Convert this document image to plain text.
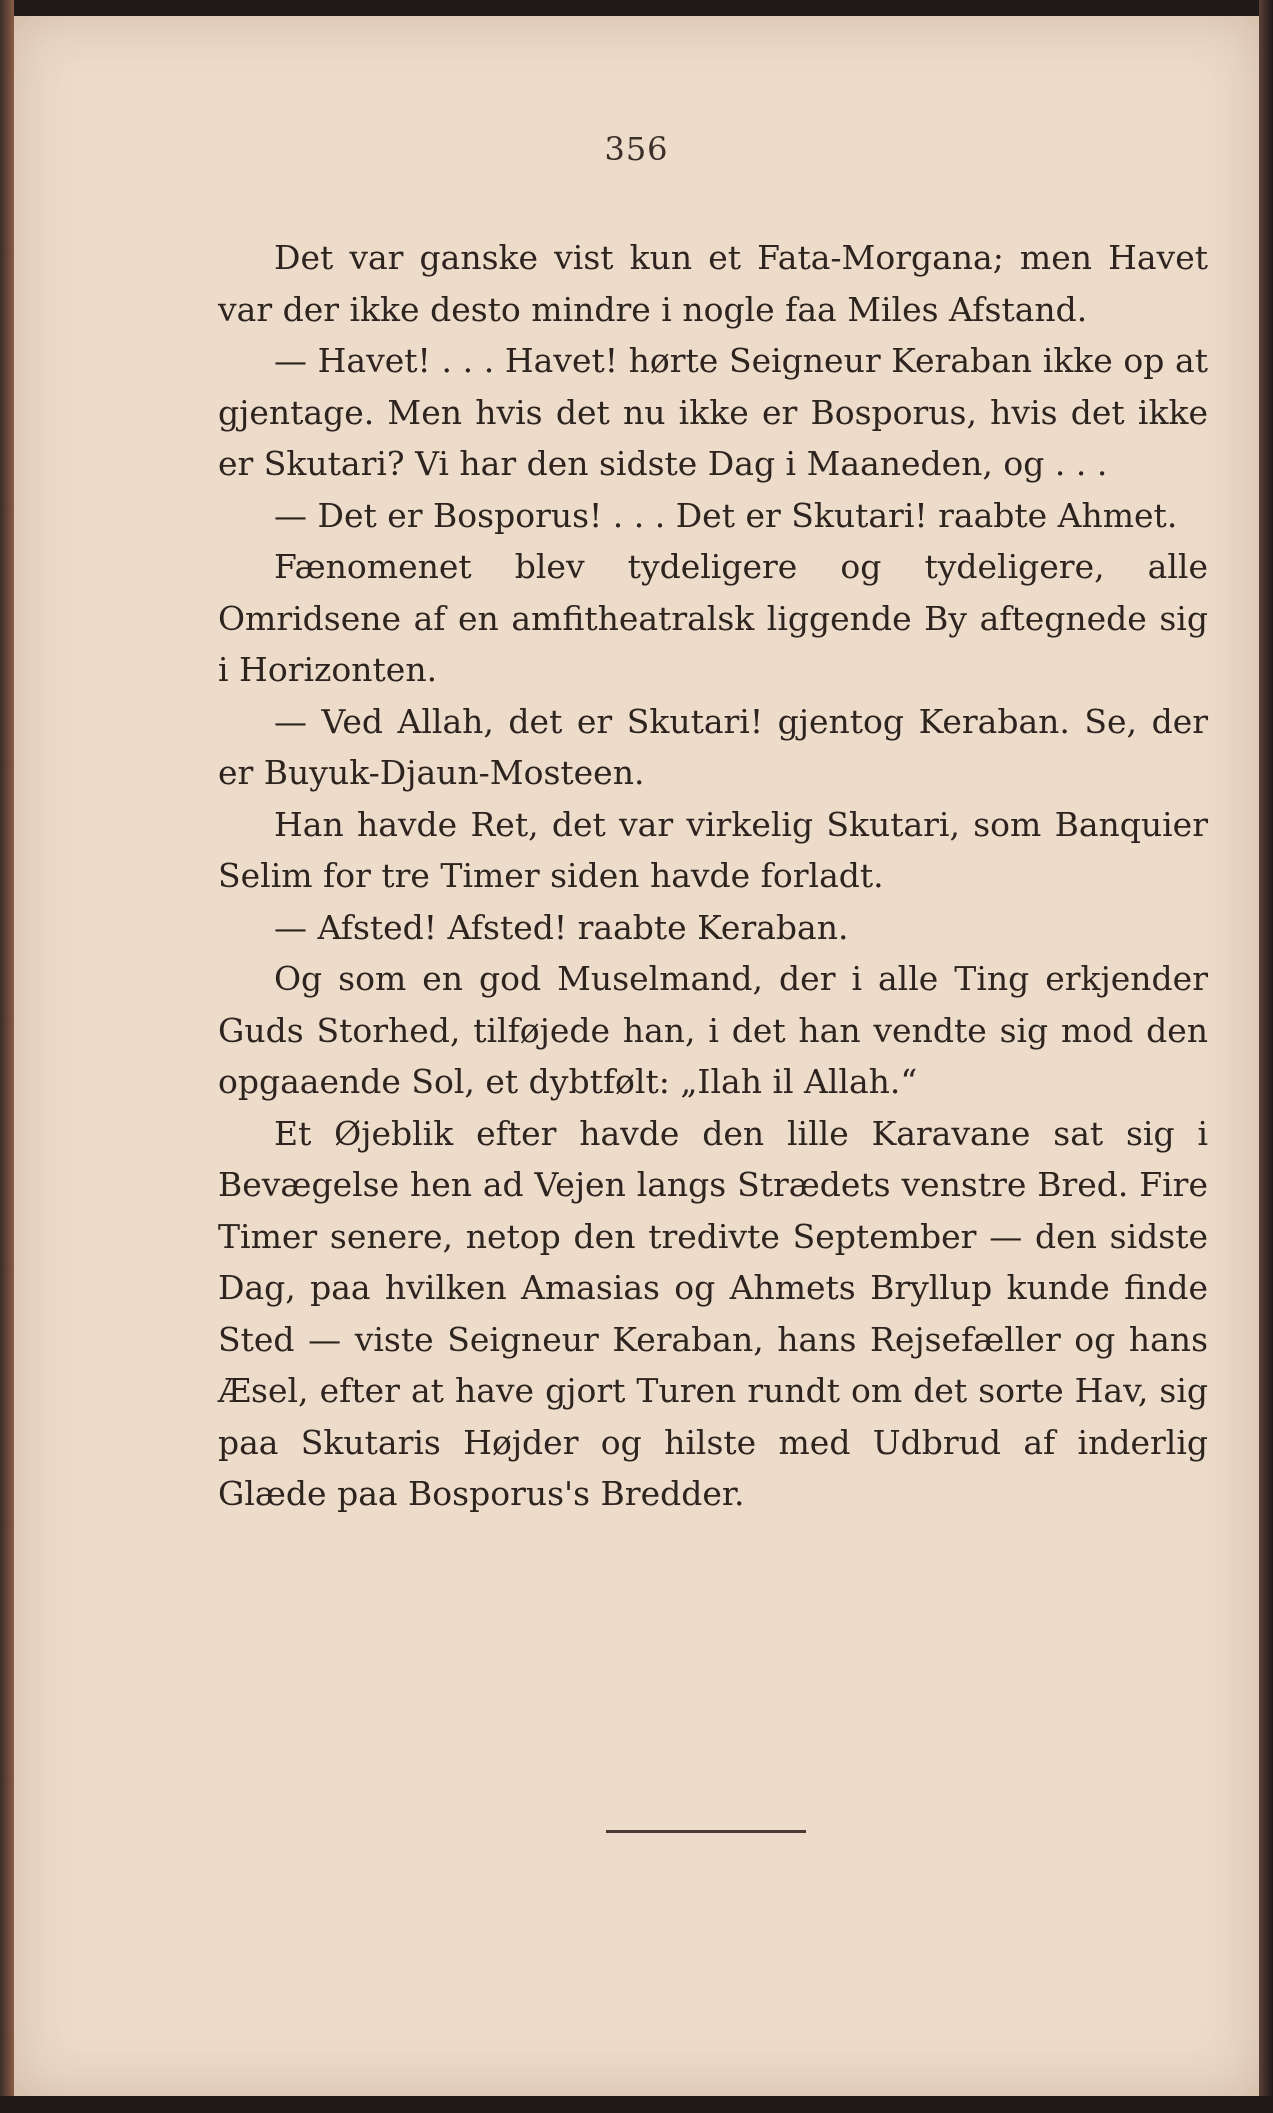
356

Det var ganske vist kun et Fata-Morgana; men Havet var der ikke desto mindre i nogle faa Miles Afstand.

— Havet! . . . Havet! hørte Seigneur Keraban ikke op at gjentage. Men hvis det nu ikke er Bosporus, hvis det ikke er Skutari? Vi har den sidste Dag i Maaneden, og . . .

— Det er Bosporus! . . . Det er Skutari! raabte Ahmet.

Fænomenet blev tydeligere og tydeligere, alle Omridsene af en amfitheatralsk liggende By aftegnede sig i Horizonten.

— Ved Allah, det er Skutari! gjentog Keraban. Se, der er Buyuk-Djaun-Mosteen.

Han havde Ret, det var virkelig Skutari, som Banquier Selim for tre Timer siden havde forladt.

— Afsted! Afsted! raabte Keraban.

Og som en god Muselmand, der i alle Ting erkjender Guds Storhed, tilføjede han, i det han vendte sig mod den opgaaende Sol, et dybtfølt: „Ilah il Allah.“

Et Øjeblik efter havde den lille Karavane sat sig i Bevægelse hen ad Vejen langs Strædets venstre Bred. Fire Timer senere, netop den tredivte September — den sidste Dag, paa hvilken Amasias og Ahmets Bryllup kunde finde Sted — viste Seigneur Keraban, hans Rejsefæller og hans Æsel, efter at have gjort Turen rundt om det sorte Hav, sig paa Skutaris Højder og hilste med Udbrud af inderlig Glæde paa Bosporus's Bredder.
